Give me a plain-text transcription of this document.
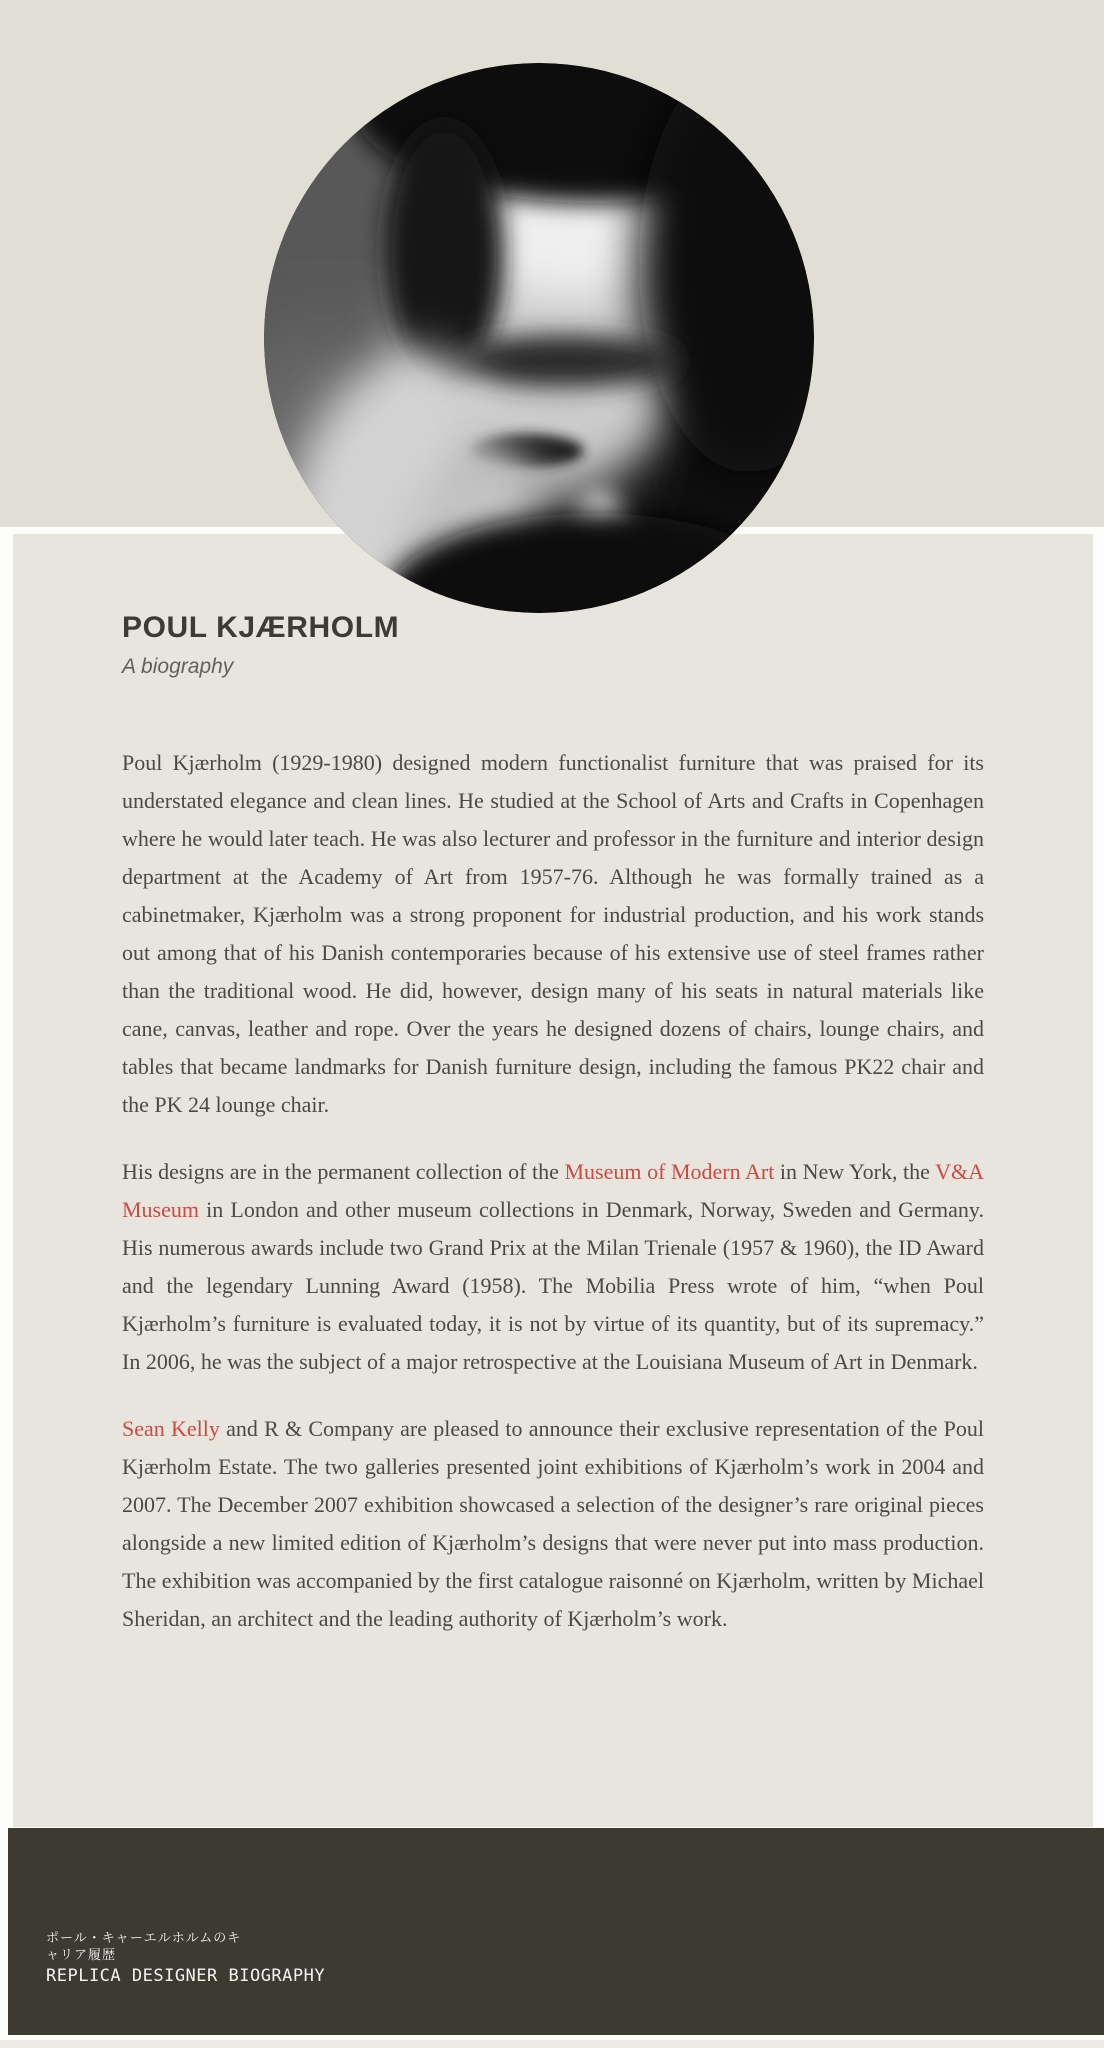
POUL KJÆRHOLM
A biography

Poul Kjærholm (1929-1980) designed modern functionalist furniture that was praised for its understated elegance and clean lines. He studied at the School of Arts and Crafts in Copenhagen where he would later teach. He was also lecturer and professor in the furniture and interior design department at the Academy of Art from 1957-76. Although he was formally trained as a cabinetmaker, Kjærholm was a strong proponent for industrial production, and his work stands out among that of his Danish contemporaries because of his extensive use of steel frames rather than the traditional wood. He did, however, design many of his seats in natural materials like cane, canvas, leather and rope. Over the years he designed dozens of chairs, lounge chairs, and tables that became landmarks for Danish furniture design, including the famous PK22 chair and the PK 24 lounge chair.

His designs are in the permanent collection of the Museum of Modern Art in New York, the V&A Museum in London and other museum collections in Denmark, Norway, Sweden and Germany. His numerous awards include two Grand Prix at the Milan Trienale (1957 & 1960), the ID Award and the legendary Lunning Award (1958). The Mobilia Press wrote of him, “when Poul Kjærholm’s furniture is evaluated today, it is not by virtue of its quantity, but of its supremacy.” In 2006, he was the subject of a major retrospective at the Louisiana Museum of Art in Denmark.

Sean Kelly and R & Company are pleased to announce their exclusive representation of the Poul Kjærholm Estate. The two galleries presented joint exhibitions of Kjærholm’s work in 2004 and 2007. The December 2007 exhibition showcased a selection of the designer’s rare original pieces alongside a new limited edition of Kjærholm’s designs that were never put into mass production. The exhibition was accompanied by the first catalogue raisonné on Kjærholm, written by Michael Sheridan, an architect and the leading authority of Kjærholm’s work.

ポール・キャーエルホルムのキ
ャリア履歴
REPLICA DESIGNER BIOGRAPHY
